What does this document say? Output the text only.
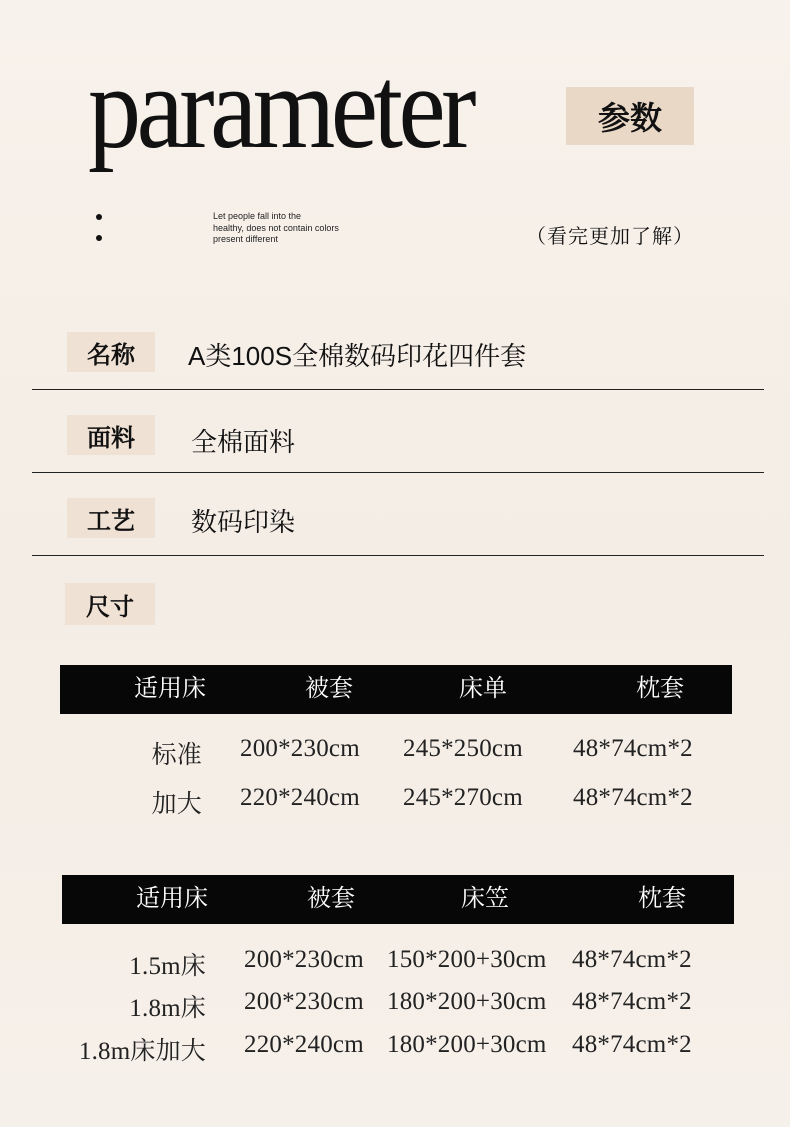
parameter	参数
Let people fall into the
healthy, does not contain colors
present different	（看完更加了解）
名称	A类100S全棉数码印花四件套
面料	全棉面料
工艺	数码印染
尺寸
适用床	被套	床单	枕套
标准 200*230cm 245*250cm 48*74cm*2
加大 220*240cm 245*270cm 48*74cm*2
适用床	被套	床笠	枕套
1.5m床 200*230cm 150*200+30cm 48*74cm*2
1.8m床 200*230cm 180*200+30cm 48*74cm*2
1.8m床加大 220*240cm 180*200+30cm 48*74cm*2
